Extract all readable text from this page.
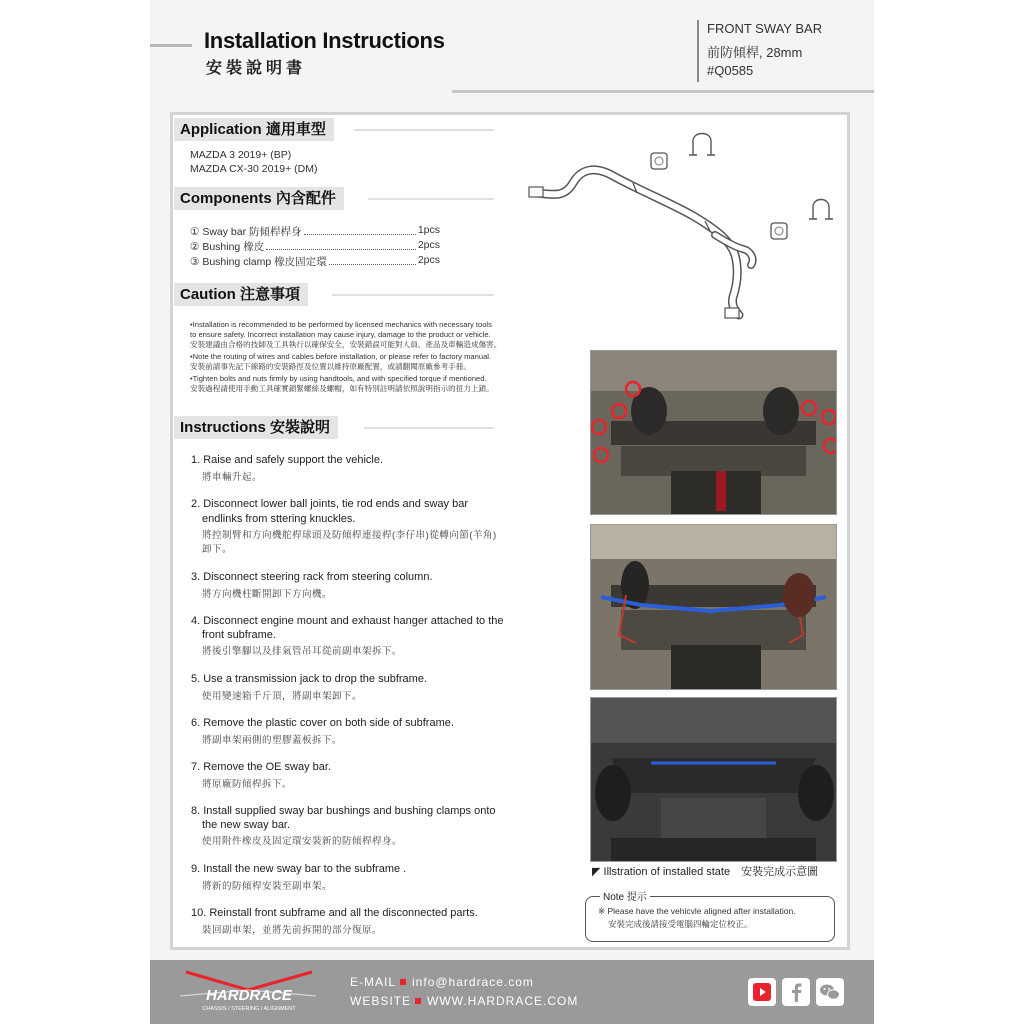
Installation Instructions
安裝說明書
FRONT SWAY BAR
前防傾桿, 28mm
#Q0585
Application 適用車型
MAZDA 3 2019+ (BP)
MAZDA CX-30 2019+ (DM)
Components 內含配件
① Sway bar 防傾桿桿身	1pcs
② Bushing 橡皮	2pcs
③ Bushing clamp 橡皮固定環	2pcs
Caution 注意事項
•Installation is recommended to be performed by licensed mechanics with necessary tools
to ensure safety. Incorrect installation may cause injury, damage to the product or vehicle.
安裝建議由合格的技師及工具執行以確保安全，安裝錯誤可能對人員、產品及車輛造成傷害。
•Note the routing of wires and cables before installation, or please refer to factory manual.
安裝前請事先記下線路的安裝路徑及位置以維持原廠配置，或請翻閱原廠參考手冊。
•Tighten bolts and nuts firmly by using handtools, and with specified torque if mentioned.
安裝過程請使用手動工具確實鎖緊螺絲及螺帽，如有特別註明請依照說明指示的扭力上鎖。
Instructions 安裝說明
1. Raise and safely support the vehicle.
將車輛升起。
2. Disconnect lower ball joints, tie rod ends and sway bar
endlinks from sttering knuckles.
將控制臂和方向機舵桿球頭及防傾桿連接桿(李仔串)從轉向節(羊角)
卸下。
3. Disconnect steering rack from steering column.
將方向機柱斷開卸下方向機。
4. Disconnect engine mount and exhaust hanger attached to the
front subframe.
將後引擎腳以及排氣管吊耳從前副車架拆下。
5. Use a transmission jack to drop the subframe.
使用變速箱千斤頂，將副車架卸下。
6. Remove the plastic cover on both side of subframe.
將副車架兩側的塑膠蓋板拆下。
7. Remove the OE sway bar.
將原廠防傾桿拆下。
8. Install supplied sway bar bushings and bushing clamps onto
the new sway bar.
使用附件橡皮及固定環安裝新的防傾桿桿身。
9. Install the new sway bar to the subframe .
將新的防傾桿安裝至副車架。
10. Reinstall front subframe and all the disconnected parts.
裝回副車架，並將先前拆開的部分復原。
◤ Illstration of installed state　安裝完成示意圖
Note 提示
※ Please have the vehicvle aligned after installation.
安裝完成後請接受電腦四輪定位校正。
HARDRACE
CHASSIS / STEERING / ALIGNMENT
E-MAIL info@hardrace.com
WEBSITE WWW.HARDRACE.COM
